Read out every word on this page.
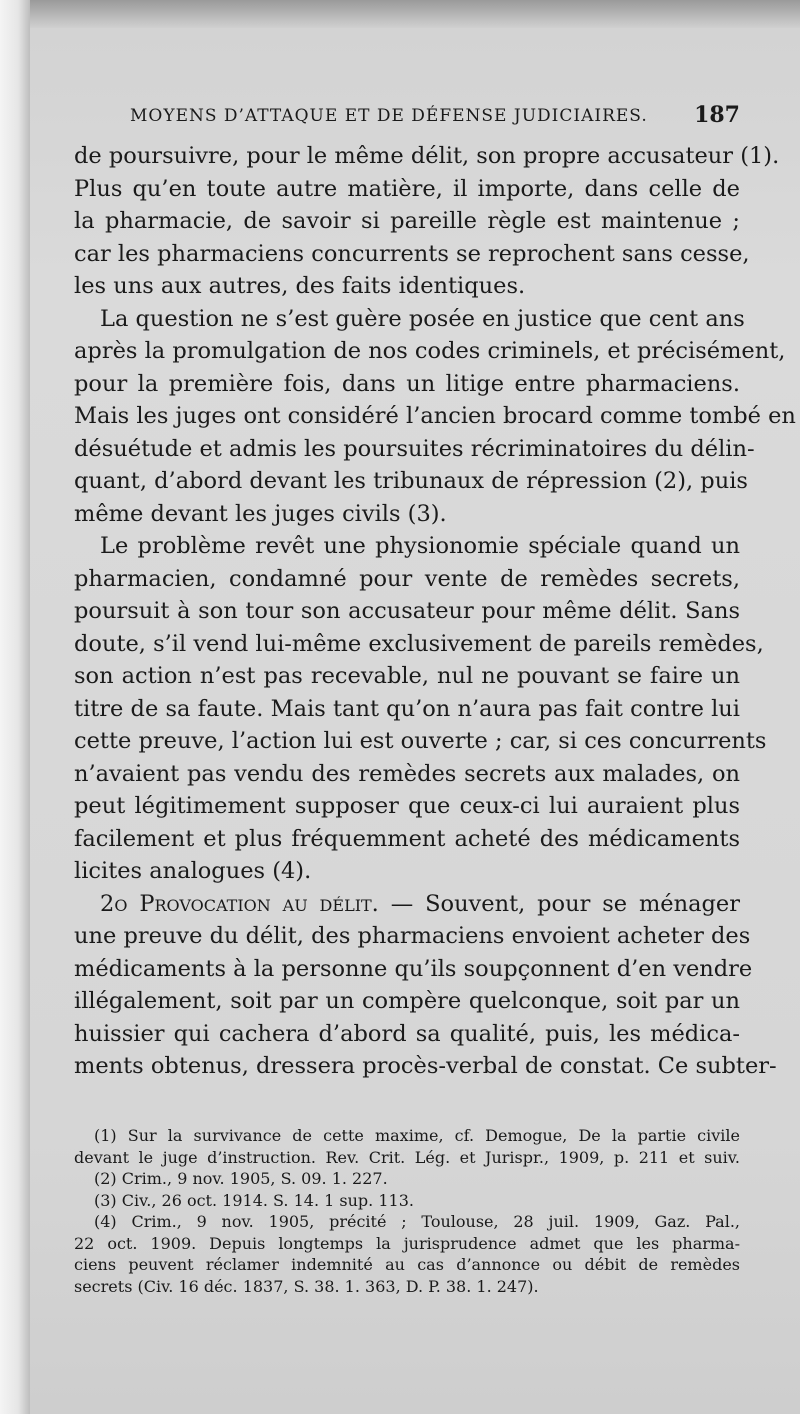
MOYENS D’ATTAQUE ET DE DÉFENSE JUDICIAIRES. 187
de poursuivre, pour le même délit, son propre accusateur (1).
Plus qu’en toute autre matière, il importe, dans celle de
la pharmacie, de savoir si pareille règle est maintenue ;
car les pharmaciens concurrents se reprochent sans cesse,
les uns aux autres, des faits identiques.
La question ne s’est guère posée en justice que cent ans
après la promulgation de nos codes criminels, et précisément,
pour la première fois, dans un litige entre pharmaciens.
Mais les juges ont considéré l’ancien brocard comme tombé en
désuétude et admis les poursuites récriminatoires du délin-
quant, d’abord devant les tribunaux de répression (2), puis
même devant les juges civils (3).
Le problème revêt une physionomie spéciale quand un
pharmacien, condamné pour vente de remèdes secrets,
poursuit à son tour son accusateur pour même délit. Sans
doute, s’il vend lui-même exclusivement de pareils remèdes,
son action n’est pas recevable, nul ne pouvant se faire un
titre de sa faute. Mais tant qu’on n’aura pas fait contre lui
cette preuve, l’action lui est ouverte ; car, si ces concurrents
n’avaient pas vendu des remèdes secrets aux malades, on
peut légitimement supposer que ceux-ci lui auraient plus
facilement et plus fréquemment acheté des médicaments
licites analogues (4).
2o Provocation au délit. — Souvent, pour se ménager
une preuve du délit, des pharmaciens envoient acheter des
médicaments à la personne qu’ils soupçonnent d’en vendre
illégalement, soit par un compère quelconque, soit par un
huissier qui cachera d’abord sa qualité, puis, les médica-
ments obtenus, dressera procès-verbal de constat. Ce subter-
(1) Sur la survivance de cette maxime, cf. Demogue, De la partie civile
devant le juge d’instruction. Rev. Crit. Lég. et Jurispr., 1909, p. 211 et suiv.
(2) Crim., 9 nov. 1905, S. 09. 1. 227.
(3) Civ., 26 oct. 1914. S. 14. 1 sup. 113.
(4) Crim., 9 nov. 1905, précité ; Toulouse, 28 juil. 1909, Gaz. Pal.,
22 oct. 1909. Depuis longtemps la jurisprudence admet que les pharma-
ciens peuvent réclamer indemnité au cas d’annonce ou débit de remèdes
secrets (Civ. 16 déc. 1837, S. 38. 1. 363, D. P. 38. 1. 247).
